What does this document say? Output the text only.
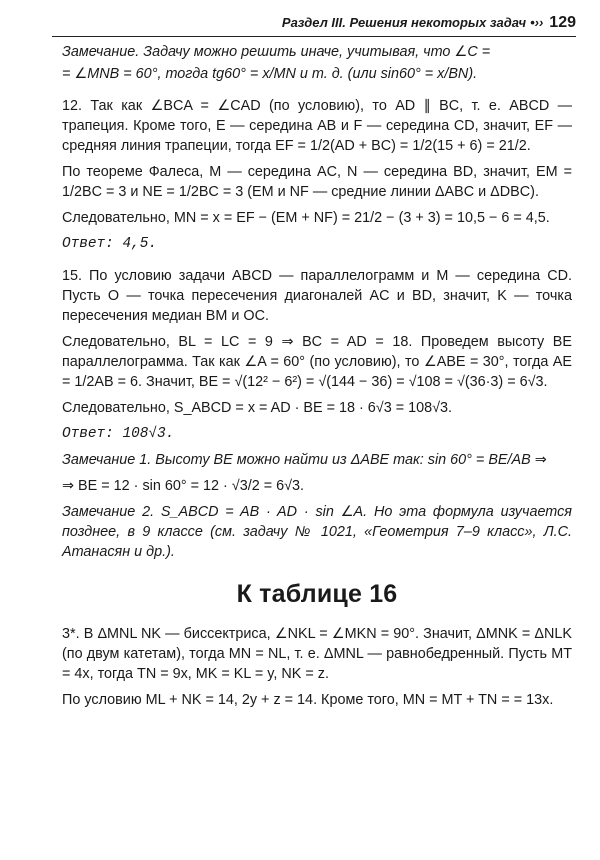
Раздел III. Решения некоторых задач •›› 129

Замечание. Задачу можно решить иначе, учитывая, что ∠C =

= ∠MNB = 60°, тогда tg60° = x/MN и т. д. (или sin60° = x/BN).

12. Так как ∠BCA = ∠CAD (по условию), то AD ∥ BC, т. е. ABCD — трапеция. Кроме того, E — середина AB и F — середина CD, значит, EF — средняя линия трапеции, тогда EF = 1/2(AD + BC) = 1/2(15 + 6) = 21/2.

По теореме Фалеса, M — середина AC, N — середина BD, значит, EM = 1/2BC = 3 и NE = 1/2BC = 3 (EM и NF — средние линии ΔABC и ΔDBC).

Следовательно, MN = x = EF − (EM + NF) = 21/2 − (3 + 3) = 10,5 − 6 = 4,5.

Ответ: 4,5.

15. По условию задачи ABCD — параллелограмм и M — середина CD. Пусть O — точка пересечения диагоналей AC и BD, значит, K — точка пересечения медиан BM и OC.

Следовательно, BL = LC = 9 ⇒ BC = AD = 18. Проведем высоту BE параллелограмма. Так как ∠A = 60° (по условию), то ∠ABE = 30°, тогда AE = 1/2AB = 6. Значит, BE = √(12² − 6²) = √(144 − 36) = √108 = √(36·3) = 6√3.

Следовательно, S_ABCD = x = AD · BE = 18 · 6√3 = 108√3.

Ответ: 108√3.

Замечание 1. Высоту BE можно найти из ΔABE так: sin 60° = BE/AB ⇒

⇒ BE = 12 · sin 60° = 12 · √3/2 = 6√3.

Замечание 2. S_ABCD = AB · AD · sin ∠A. Но эта формула изучается позднее, в 9 классе (см. задачу № 1021, «Геометрия 7–9 класс», Л.С. Атанасян и др.).

К таблице 16

3*. В ΔMNL NK — биссектриса, ∠NKL = ∠MKN = 90°. Значит, ΔMNK = ΔNLK (по двум катетам), тогда MN = NL, т. е. ΔMNL — равнобедренный. Пусть MT = 4x, тогда TN = 9x, MK = KL = y, NK = z.

По условию ML + NK = 14, 2y + z = 14. Кроме того, MN = MT + TN = = 13x.
